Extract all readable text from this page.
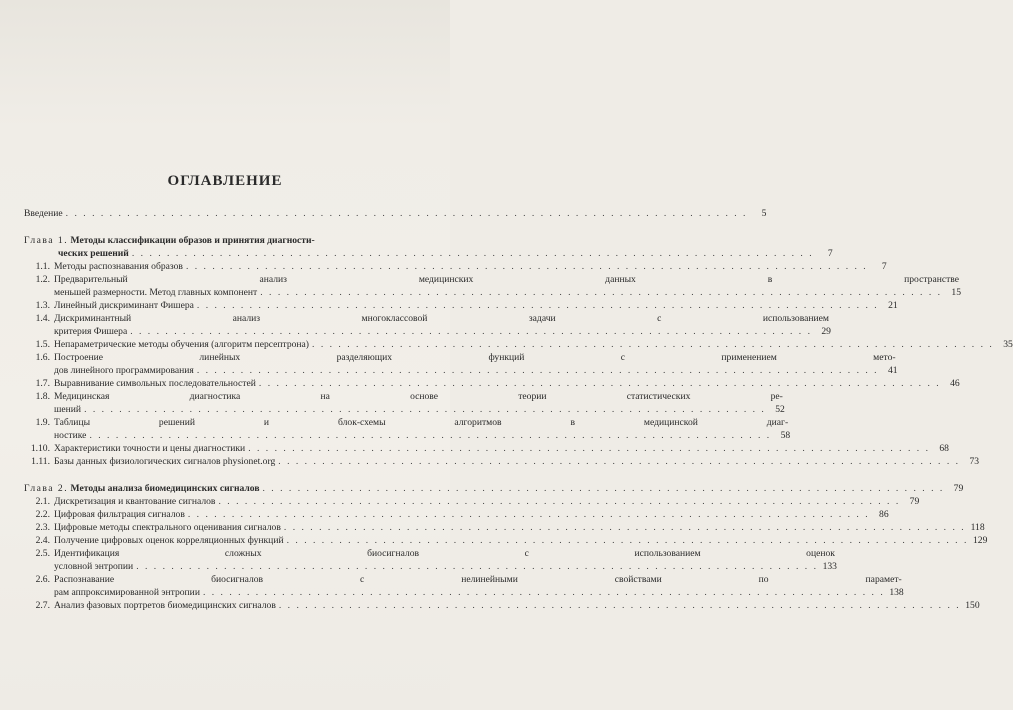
ОГЛАВЛЕНИЕ
Введение . . .	5
Глава 1. Методы классификации образов и принятия диагности-
ческих решений . . .	7
1.1. Методы распознавания образов . . .	7
1.2. Предварительный анализ медицинских данных в пространстве
меньшей размерности. Метод главных компонент . . .	15
1.3. Линейный дискриминант Фишера . . .	21
1.4. Дискриминантный анализ многоклассовой задачи с использованием
критерия Фишера . . .	29
1.5. Непараметрические методы обучения (алгоритм персептрона) . . .	35
1.6. Построение линейных разделяющих функций с применением мето-
дов линейного программирования . . .	41
1.7. Выравнивание символьных последовательностей . . .	46
1.8. Медицинская диагностика на основе теории статистических ре-
шений . . .	52
1.9. Таблицы решений и блок-схемы алгоритмов в медицинской диаг-
ностике . . .	58
1.10. Характеристики точности и цены диагностики . . .	68
1.11. Базы данных физиологических сигналов physionet.org . . .	73
Глава 2. Методы анализа биомедицинских сигналов . . .	79
2.1. Дискретизация и квантование сигналов . . .	79
2.2. Цифровая фильтрация сигналов . . .	86
2.3. Цифровые методы спектрального оценивания сигналов . . .	118
2.4. Получение цифровых оценок корреляционных функций . . .	129
2.5. Идентификация сложных биосигналов с использованием оценок
условной энтропии . . .	133
2.6. Распознавание биосигналов с нелинейными свойствами по парамет-
рам аппроксимированной энтропии . . .	138
2.7. Анализ фазовых портретов биомедицинских сигналов . . .	150
